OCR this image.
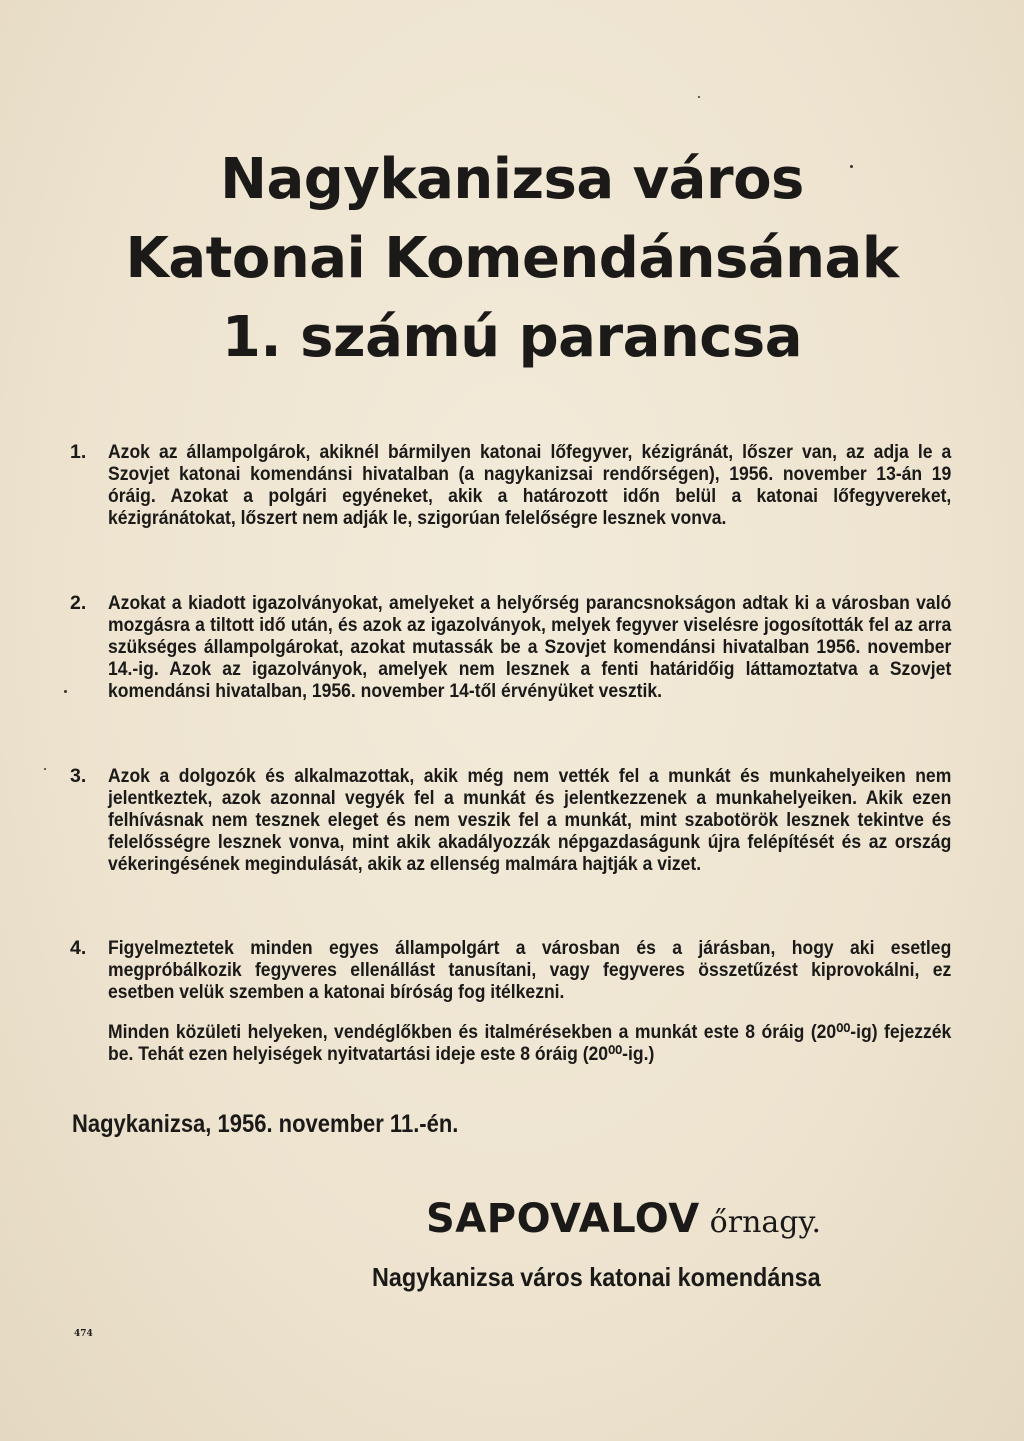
Nagykanizsa város
Katonai Komendánsának
1. számú parancsa
1. Azok az állampolgárok, akiknél bármilyen katonai lőfegyver, kézigránát, lőszer van, az adja le a Szovjet katonai komendánsi hivatalban (a nagykanizsai rendőrségen), 1956. november 13-án 19 óráig. Azokat a polgári egyéneket, akik a határozott időn belül a katonai lőfegyvereket, kézigránátokat, lőszert nem adják le, szigorúan felelőségre lesznek vonva.

2. Azokat a kiadott igazolványokat, amelyeket a helyőrség parancsnokságon adtak ki a városban való mozgásra a tiltott idő után, és azok az igazolványok, melyek fegyver viselésre jogosították fel az arra szükséges állampolgárokat, azokat mutassák be a Szovjet komendánsi hivatalban 1956. november 14.-ig. Azok az igazolványok, amelyek nem lesznek a fenti határidőig láttamoztatva a Szovjet komendánsi hivatalban, 1956. november 14-től érvényüket vesztik.

3. Azok a dolgozók és alkalmazottak, akik még nem vették fel a munkát és munkahelyeiken nem jelentkeztek, azok azonnal vegyék fel a munkát és jelentkezzenek a munkahelyeiken. Akik ezen felhívásnak nem tesznek eleget és nem veszik fel a munkát, mint szabotörök lesznek tekintve és felelősségre lesznek vonva, mint akik akadályozzák népgazdaságunk újra felépítését és az ország vékeringésének megindulását, akik az ellenség malmára hajtják a vizet.

4. Figyelmeztetek minden egyes állampolgárt a városban és a járásban, hogy aki esetleg megpróbálkozik fegyveres ellenállást tanusítani, vagy fegyveres összetűzést kiprovokálni, ez esetben velük szemben a katonai bíróság fog itélkezni.

Minden közületi helyeken, vendéglőkben és italmérésekben a munkát este 8 óráig (20⁰⁰-ig) fejezzék be. Tehát ezen helyiségek nyitvatartási ideje este 8 óráig (20⁰⁰-ig.)

Nagykanizsa, 1956. november 11.-én.

SAPOVALOV őrnagy.

Nagykanizsa város katonai komendánsa

474
